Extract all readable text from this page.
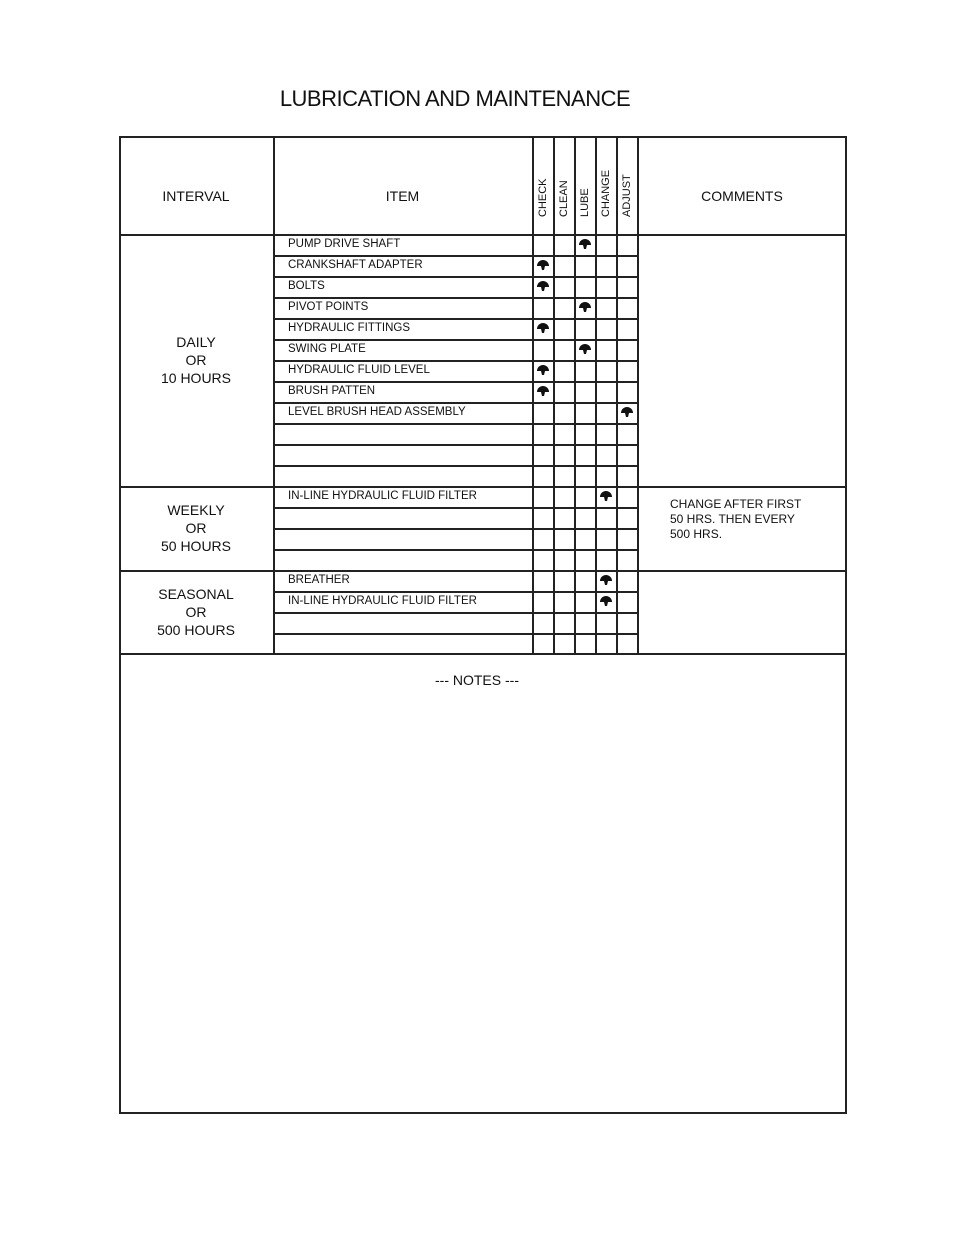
LUBRICATION AND MAINTENANCE
INTERVAL	ITEM	COMMENTS
CHECK CLEAN LUBE CHANGE ADJUST
PUMP DRIVE SHAFT
CRANKSHAFT ADAPTER
BOLTS
PIVOT POINTS
HYDRAULIC FITTINGS
SWING PLATE
HYDRAULIC FLUID LEVEL
BRUSH PATTEN
LEVEL BRUSH HEAD ASSEMBLY
DAILY
OR
10 HOURS
IN-LINE HYDRAULIC FLUID FILTER
WEEKLY
OR
50 HOURS
CHANGE AFTER FIRST
50 HRS. THEN EVERY
500 HRS.
BREATHER
IN-LINE HYDRAULIC FLUID FILTER
SEASONAL
OR
500 HOURS
--- NOTES ---
